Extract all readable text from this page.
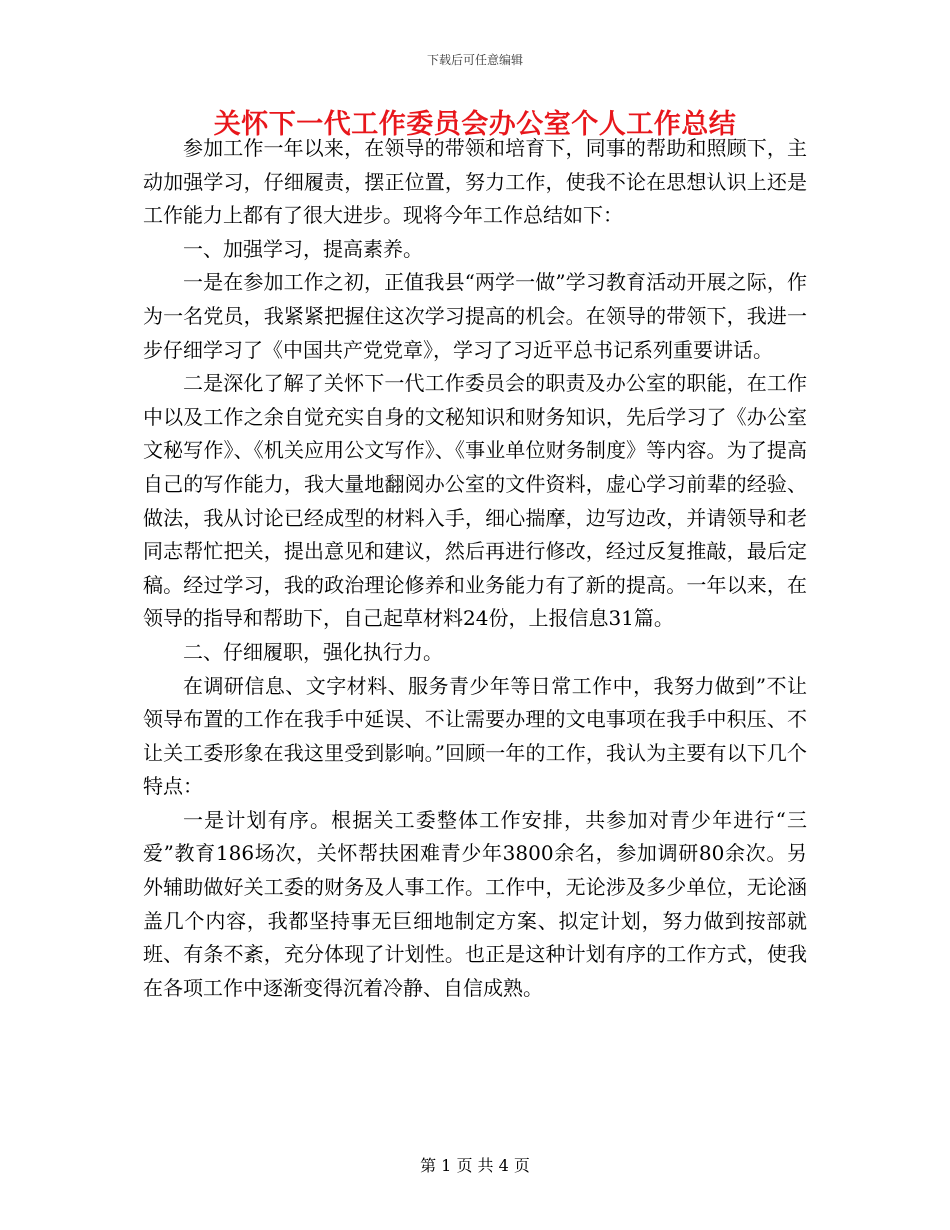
下载后可任意编辑
关怀下一代工作委员会办公室个人工作总结

参加工作一年以来，在领导的带领和培育下，同事的帮助和照顾下，主动加强学习，仔细履责，摆正位置，努力工作，使我不论在思想认识上还是工作能力上都有了很大进步。现将今年工作总结如下：

一、加强学习，提高素养。

一是在参加工作之初，正值我县“两学一做”学习教育活动开展之际，作为一名党员，我紧紧把握住这次学习提高的机会。在领导的带领下，我进一步仔细学习了《中国共产党党章》，学习了习近平总书记系列重要讲话。

二是深化了解了关怀下一代工作委员会的职责及办公室的职能，在工作中以及工作之余自觉充实自身的文秘知识和财务知识，先后学习了《办公室文秘写作》、《机关应用公文写作》、《事业单位财务制度》等内容。为了提高自己的写作能力，我大量地翻阅办公室的文件资料，虚心学习前辈的经验、做法，我从讨论已经成型的材料入手，细心揣摩，边写边改，并请领导和老同志帮忙把关，提出意见和建议，然后再进行修改，经过反复推敲，最后定稿。经过学习，我的政治理论修养和业务能力有了新的提高。一年以来，在领导的指导和帮助下，自己起草材料24份，上报信息31篇。

二、仔细履职，强化执行力。

在调研信息、文字材料、服务青少年等日常工作中，我努力做到”不让领导布置的工作在我手中延误、不让需要办理的文电事项在我手中积压、不让关工委形象在我这里受到影响。”回顾一年的工作，我认为主要有以下几个特点：

一是计划有序。根据关工委整体工作安排，共参加对青少年进行“三爱”教育186场次，关怀帮扶困难青少年3800余名，参加调研80余次。另外辅助做好关工委的财务及人事工作。工作中，无论涉及多少单位，无论涵盖几个内容，我都坚持事无巨细地制定方案、拟定计划，努力做到按部就班、有条不紊，充分体现了计划性。也正是这种计划有序的工作方式，使我在各项工作中逐渐变得沉着冷静、自信成熟。

第 1 页 共 4 页
